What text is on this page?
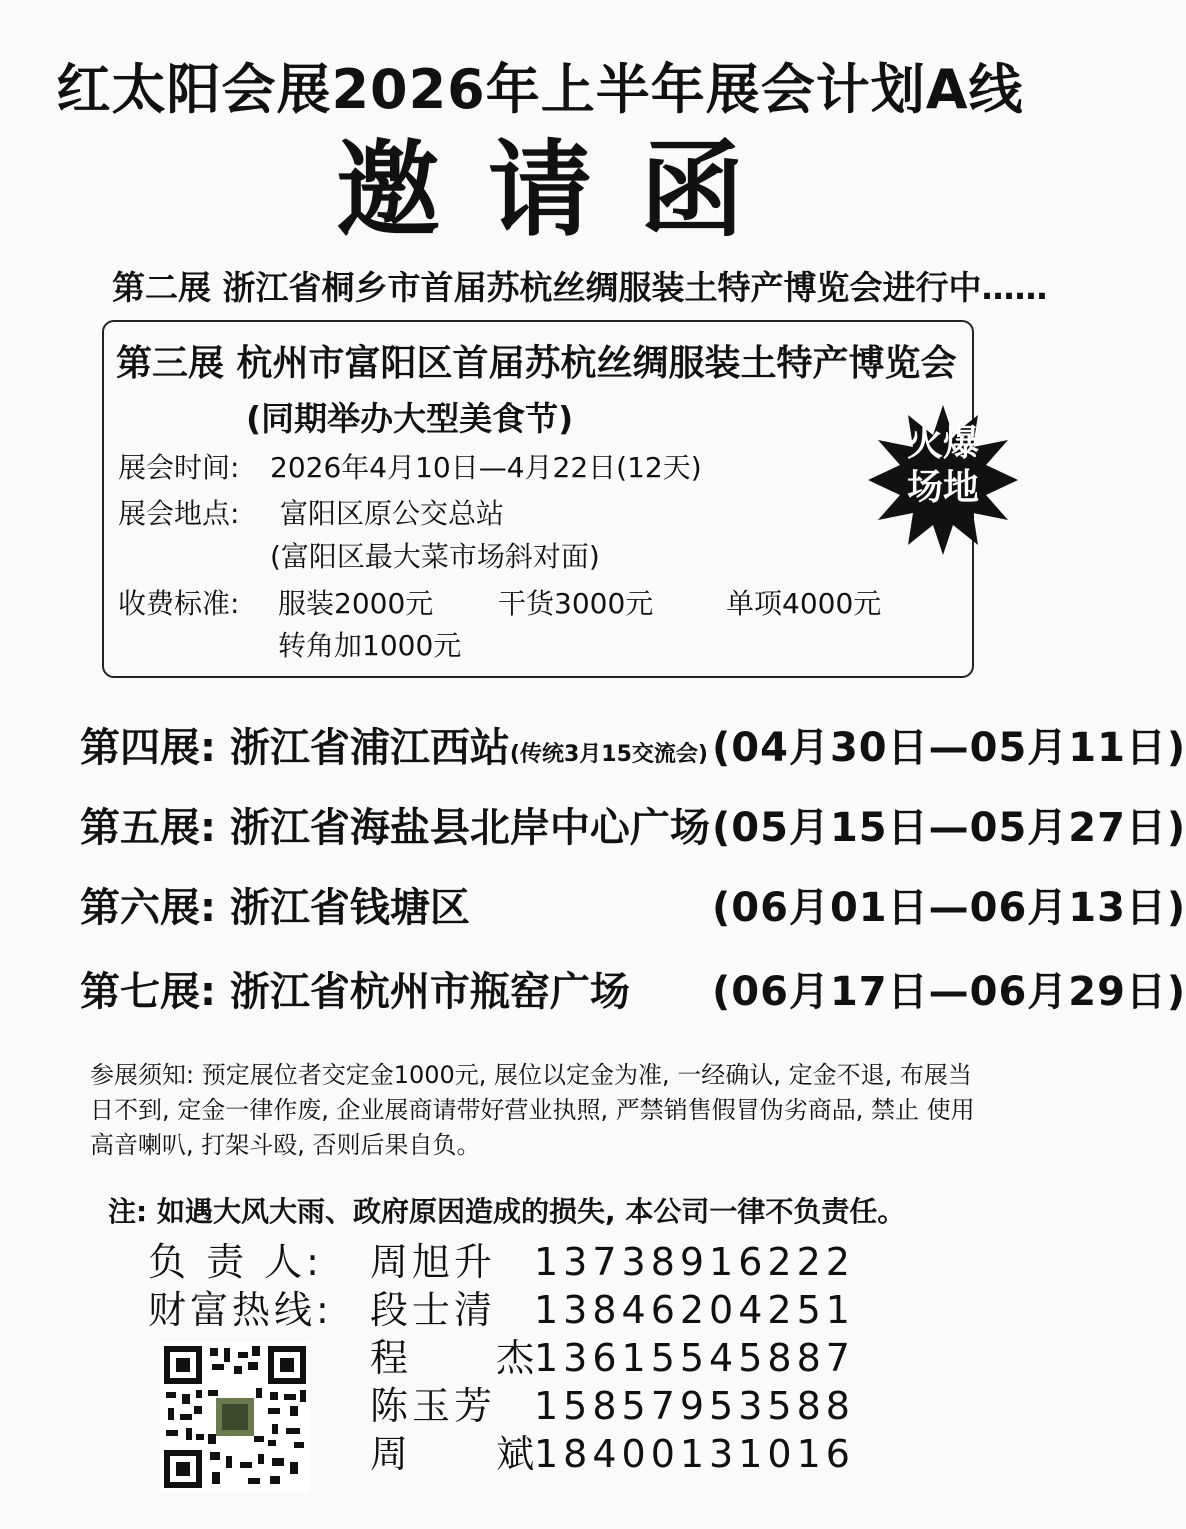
红太阳会展2026年上半年展会计划A线
邀请函
第二展 浙江省桐乡市首届苏杭丝绸服装土特产博览会进行中……
第三展 杭州市富阳区首届苏杭丝绸服装土特产博览会
(同期举办大型美食节)
展会时间: 2026年4月10日—4月22日(12天)
展会地点: 富阳区原公交总站
(富阳区最大菜市场斜对面)
收费标准: 服装2000元 干货3000元	单项4000元
转角加1000元
火爆
场地
第四展: 浙江省浦江西站(传统3月15交流会) (04月30日—05月11日)
第五展: 浙江省海盐县北岸中心广场 (05月15日—05月27日)
第六展: 浙江省钱塘区	(06月01日—06月13日)
第七展: 浙江省杭州市瓶窑广场 (06月17日—06月29日)
参展须知: 预定展位者交定金1000元, 展位以定金为准, 一经确认, 定金不退, 布展当日不到, 定金一律作废, 企业展商请带好营业执照, 严禁销售假冒伪劣商品, 禁止 使用高音喇叭, 打架斗殴, 否则后果自负。
注: 如遇大风大雨、政府原因造成的损失, 本公司一律不负责任。
负 责 人: 周旭升 13738916222
财富热线: 段士清 13846204251
程 杰
13615545887
陈玉芳 15857953588
周 斌
18400131016
